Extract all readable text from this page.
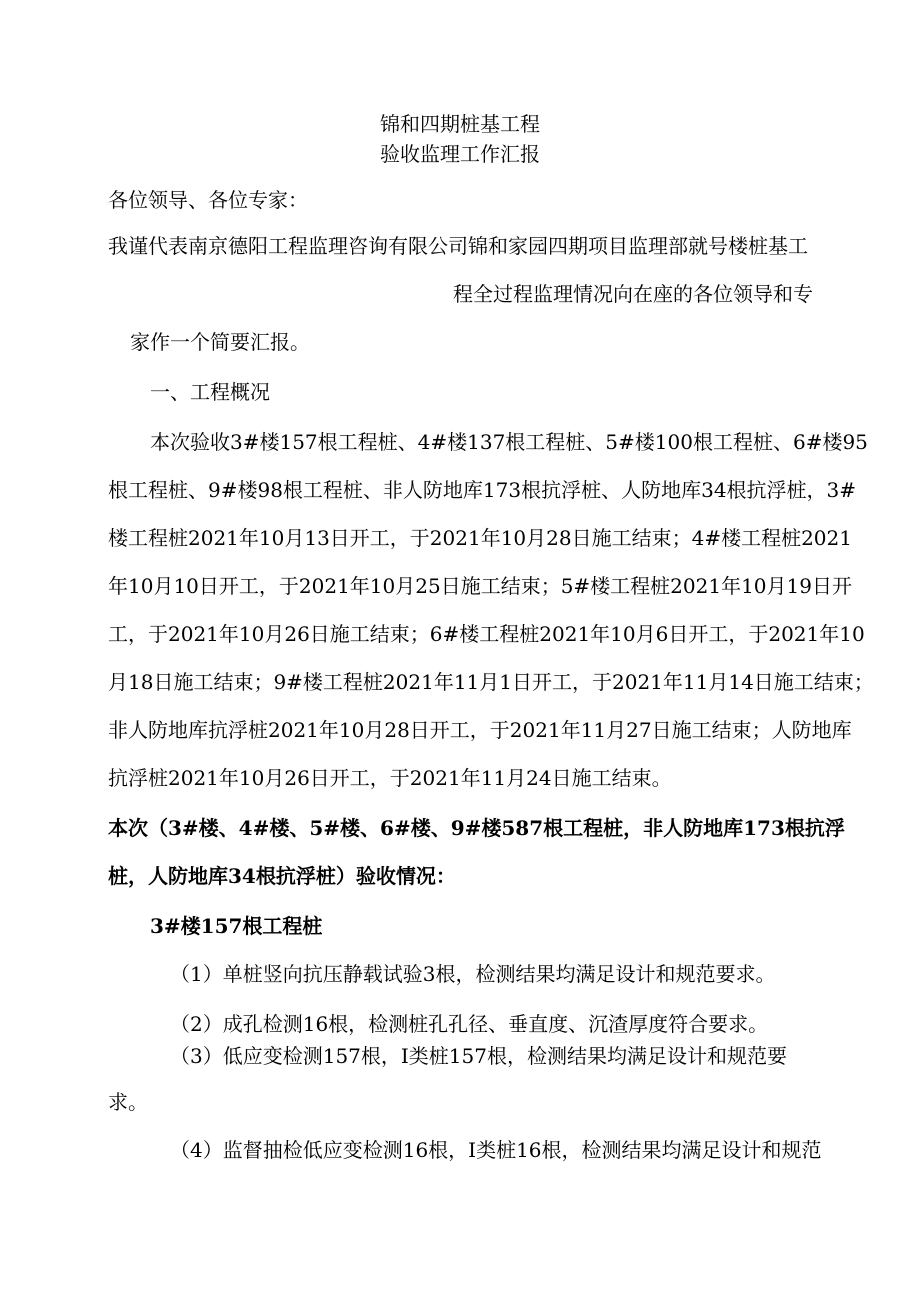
锦和四期桩基工程
验收监理工作汇报
各位领导、各位专家：
我谨代表南京德阳工程监理咨询有限公司锦和家园四期项目监理部就号楼桩基工
程全过程监理情况向在座的各位领导和专
家作一个简要汇报。
一、工程概况
本次验收3#楼157根工程桩、4#楼137根工程桩、5#楼100根工程桩、6#楼95
根工程桩、9#楼98根工程桩、非人防地库173根抗浮桩、人防地库34根抗浮桩，3#
楼工程桩2021年10月13日开工，于2021年10月28日施工结束；4#楼工程桩2021
年10月10日开工，于2021年10月25日施工结束；5#楼工程桩2021年10月19日开
工，于2021年10月26日施工结束；6#楼工程桩2021年10月6日开工，于2021年10
月18日施工结束；9#楼工程桩2021年11月1日开工，于2021年11月14日施工结束；
非人防地库抗浮桩2021年10月28日开工，于2021年11月27日施工结束；人防地库
抗浮桩2021年10月26日开工，于2021年11月24日施工结束。
本次（3#楼、4#楼、5#楼、6#楼、9#楼587根工程桩，非人防地库173根抗浮
桩，人防地库34根抗浮桩）验收情况：
3#楼157根工程桩
（1）单桩竖向抗压静载试验3根，检测结果均满足设计和规范要求。
（2）成孔检测16根，检测桩孔孔径、垂直度、沉渣厚度符合要求。
（3）低应变检测157根，I类桩157根，检测结果均满足设计和规范要
求。
（4）监督抽检低应变检测16根，I类桩16根，检测结果均满足设计和规范
